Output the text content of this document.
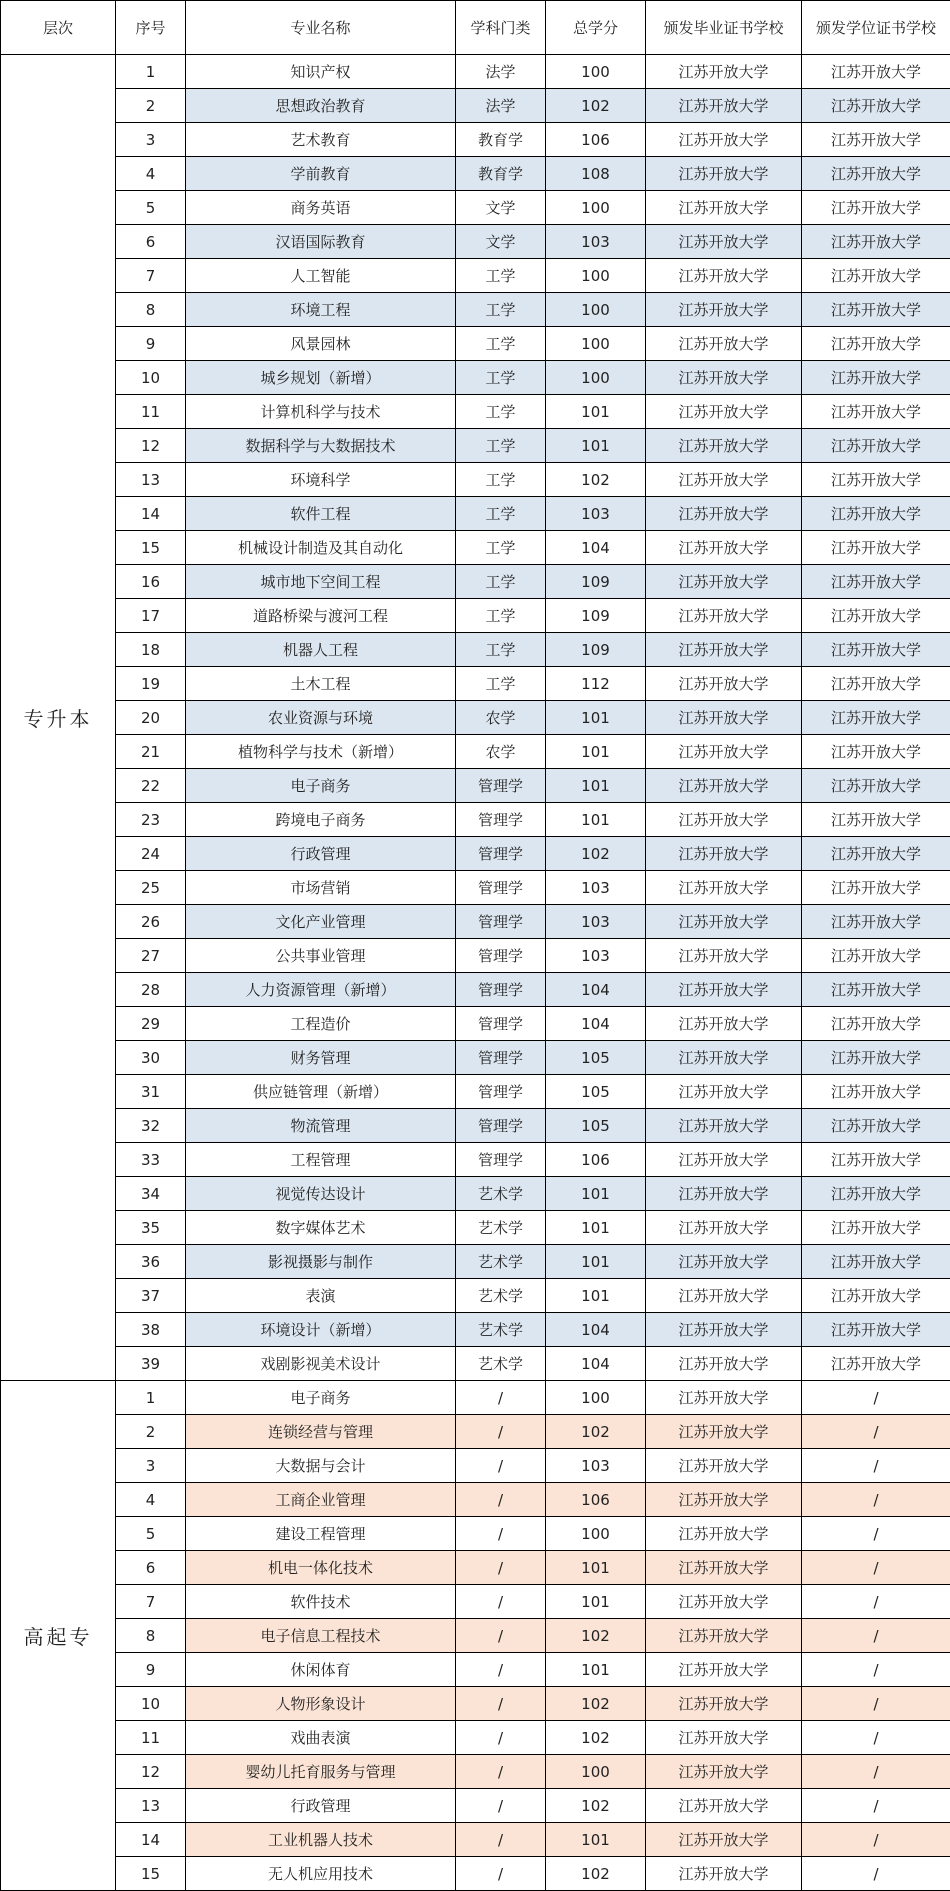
层次	序号	专业名称	学科门类	总学分	颁发毕业证书学校	颁发学位证书学校
专升本	1	知识产权	法学	100	江苏开放大学	江苏开放大学
	2	思想政治教育	法学	102	江苏开放大学	江苏开放大学
	3	艺术教育	教育学	106	江苏开放大学	江苏开放大学
	4	学前教育	教育学	108	江苏开放大学	江苏开放大学
	5	商务英语	文学	100	江苏开放大学	江苏开放大学
	6	汉语国际教育	文学	103	江苏开放大学	江苏开放大学
	7	人工智能	工学	100	江苏开放大学	江苏开放大学
	8	环境工程	工学	100	江苏开放大学	江苏开放大学
	9	风景园林	工学	100	江苏开放大学	江苏开放大学
	10	城乡规划（新增）	工学	100	江苏开放大学	江苏开放大学
	11	计算机科学与技术	工学	101	江苏开放大学	江苏开放大学
	12	数据科学与大数据技术	工学	101	江苏开放大学	江苏开放大学
	13	环境科学	工学	102	江苏开放大学	江苏开放大学
	14	软件工程	工学	103	江苏开放大学	江苏开放大学
	15	机械设计制造及其自动化	工学	104	江苏开放大学	江苏开放大学
	16	城市地下空间工程	工学	109	江苏开放大学	江苏开放大学
	17	道路桥梁与渡河工程	工学	109	江苏开放大学	江苏开放大学
	18	机器人工程	工学	109	江苏开放大学	江苏开放大学
	19	土木工程	工学	112	江苏开放大学	江苏开放大学
	20	农业资源与环境	农学	101	江苏开放大学	江苏开放大学
	21	植物科学与技术（新增）	农学	101	江苏开放大学	江苏开放大学
	22	电子商务	管理学	101	江苏开放大学	江苏开放大学
	23	跨境电子商务	管理学	101	江苏开放大学	江苏开放大学
	24	行政管理	管理学	102	江苏开放大学	江苏开放大学
	25	市场营销	管理学	103	江苏开放大学	江苏开放大学
	26	文化产业管理	管理学	103	江苏开放大学	江苏开放大学
	27	公共事业管理	管理学	103	江苏开放大学	江苏开放大学
	28	人力资源管理（新增）	管理学	104	江苏开放大学	江苏开放大学
	29	工程造价	管理学	104	江苏开放大学	江苏开放大学
	30	财务管理	管理学	105	江苏开放大学	江苏开放大学
	31	供应链管理（新增）	管理学	105	江苏开放大学	江苏开放大学
	32	物流管理	管理学	105	江苏开放大学	江苏开放大学
	33	工程管理	管理学	106	江苏开放大学	江苏开放大学
	34	视觉传达设计	艺术学	101	江苏开放大学	江苏开放大学
	35	数字媒体艺术	艺术学	101	江苏开放大学	江苏开放大学
	36	影视摄影与制作	艺术学	101	江苏开放大学	江苏开放大学
	37	表演	艺术学	101	江苏开放大学	江苏开放大学
	38	环境设计（新增）	艺术学	104	江苏开放大学	江苏开放大学
	39	戏剧影视美术设计	艺术学	104	江苏开放大学	江苏开放大学
高起专	1	电子商务	/	100	江苏开放大学	/
	2	连锁经营与管理	/	102	江苏开放大学	/
	3	大数据与会计	/	103	江苏开放大学	/
	4	工商企业管理	/	106	江苏开放大学	/
	5	建设工程管理	/	100	江苏开放大学	/
	6	机电一体化技术	/	101	江苏开放大学	/
	7	软件技术	/	101	江苏开放大学	/
	8	电子信息工程技术	/	102	江苏开放大学	/
	9	休闲体育	/	101	江苏开放大学	/
	10	人物形象设计	/	102	江苏开放大学	/
	11	戏曲表演	/	102	江苏开放大学	/
	12	婴幼儿托育服务与管理	/	100	江苏开放大学	/
	13	行政管理	/	102	江苏开放大学	/
	14	工业机器人技术	/	101	江苏开放大学	/
	15	无人机应用技术	/	102	江苏开放大学	/
